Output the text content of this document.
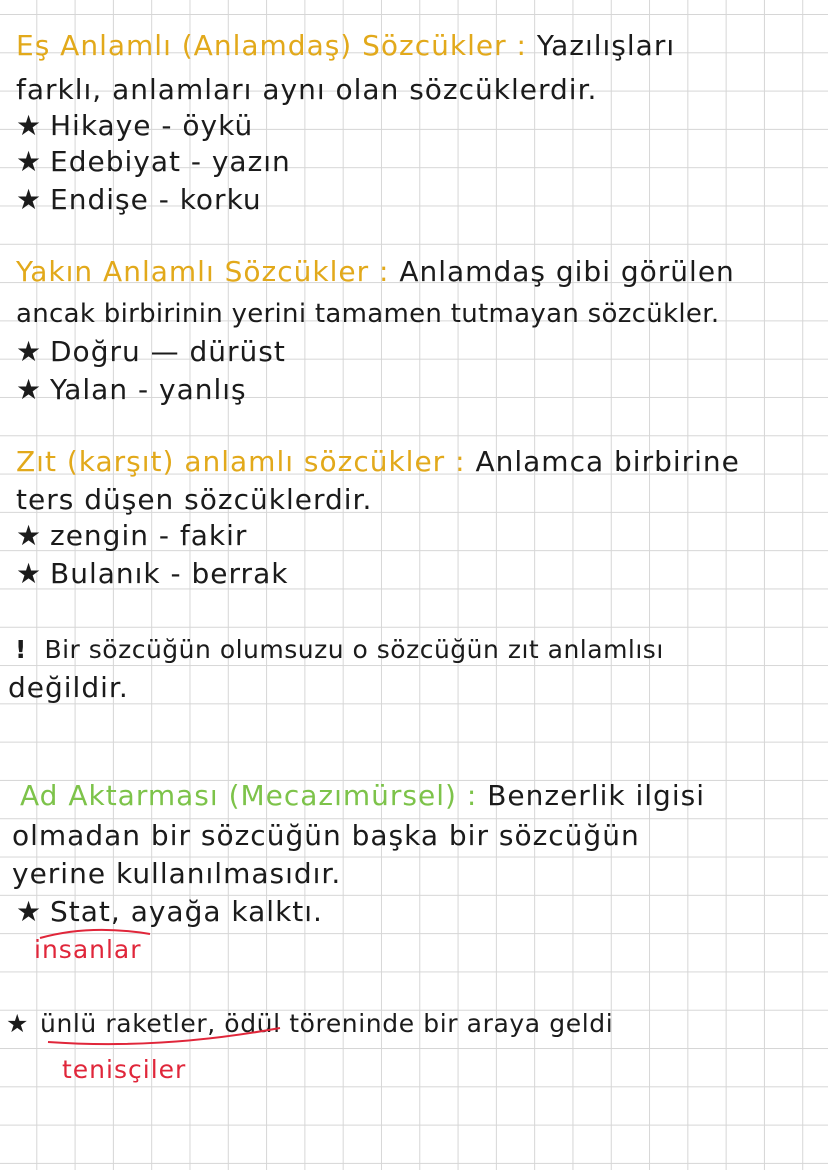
Eş Anlamlı (Anlamdaş) Sözcükler : Yazılışları
farklı, anlamları aynı olan sözcüklerdir.
★ Hikaye - öykü
★ Edebiyat - yazın
★ Endişe - korku
Yakın Anlamlı Sözcükler : Anlamdaş gibi görülen
ancak birbirinin yerini tamamen tutmayan sözcükler.
★ Doğru — dürüst
★ Yalan - yanlış
Zıt (karşıt) anlamlı sözcükler : Anlamca birbirine
ters düşen sözcüklerdir.
★ zengin - fakir
★ Bulanık - berrak
! Bir sözcüğün olumsuzu o sözcüğün zıt anlamlısı
değildir.
Ad Aktarması (Mecazımürsel) : Benzerlik ilgisi
olmadan bir sözcüğün başka bir sözcüğün
yerine kullanılmasıdır.
★ Stat, ayağa kalktı.
insanlar
★ ünlü raketler, ödül töreninde bir araya geldi
tenisçiler
